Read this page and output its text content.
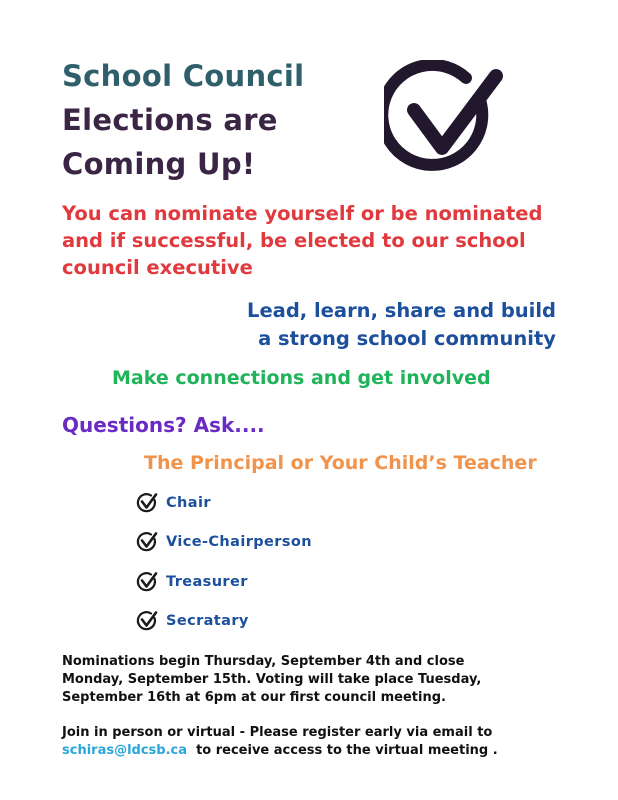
School Council
Elections are
Coming Up!
You can nominate yourself or be nominated
and if successful, be elected to our school
council executive
Lead, learn, share and build
a strong school community
Make connections and get involved
Questions? Ask....
The Principal or Your Child’s Teacher
Chair
Vice-Chairperson
Treasurer
Secratary
Nominations begin Thursday, September 4th and close
Monday, September 15th. Voting will take place Tuesday,
September 16th at 6pm at our first council meeting.
Join in person or virtual - Please register early via email to
schiras@ldcsb.ca  to receive access to the virtual meeting .
